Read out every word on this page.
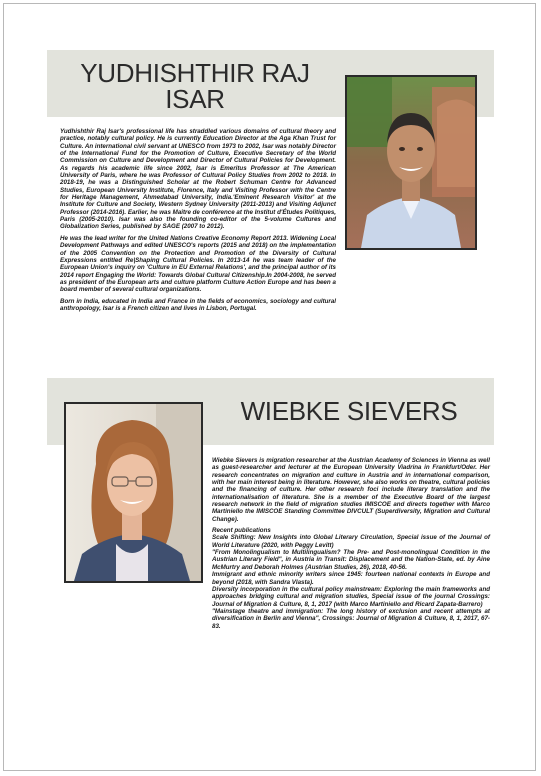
YUDHISHTHIR RAJ ISAR

Yudhishthir Raj Isar's professional life has straddled various domains of cultural theory and practice, notably cultural policy. He is currently Education Director at the Aga Khan Trust for Culture. An international civil servant at UNESCO from 1973 to 2002, Isar was notably Director of the International Fund for the Promotion of Culture, Executive Secretary of the World Commission on Culture and Development and Director of Cultural Policies for Development. As regards his academic life since 2002, Isar is Emeritus Professor at The American University of Paris, where he was Professor of Cultural Policy Studies from 2002 to 2018. In 2018-19, he was a Distinguished Scholar at the Robert Schuman Centre for Advanced Studies, European University Institute, Florence, Italy and Visiting Professor with the Centre for Heritage Management, Ahmedabad University, India.'Eminent Research Visitor' at the Institute for Culture and Society, Western Sydney University (2011-2013) and Visiting Adjunct Professor (2014-2016). Earlier, he was Maître de conférence at the Institut d'Études Politiques, Paris (2005-2010). Isar was also the founding co-editor of the 5-volume Cultures and Globalization Series, published by SAGE (2007 to 2012).

He was the lead writer for the United Nations Creative Economy Report 2013. Widening Local Development Pathways and edited UNESCO's reports (2015 and 2018) on the implementation of the 2005 Convention on the Protection and Promotion of the Diversity of Cultural Expressions entitled Re|Shaping Cultural Policies. In 2013-14 he was team leader of the European Union's inquiry on 'Culture in EU External Relations', and the principal author of its 2014 report Engaging the World: Towards Global Cultural Citizenship.In 2004-2008, he served as president of the European arts and culture platform Culture Action Europe and has been a board member of several cultural organizations.

Born in India, educated in India and France in the fields of economics, sociology and cultural anthropology, Isar is a French citizen and lives in Lisbon, Portugal.

WIEBKE SIEVERS

Wiebke Sievers is migration researcher at the Austrian Academy of Sciences in Vienna as well as guest-researcher and lecturer at the European University Viadrina in Frankfurt/Oder. Her research concentrates on migration and culture in Austria and in international comparison, with her main interest being in literature. However, she also works on theatre, cultural policies and the financing of culture. Her other research foci include literary translation and the internationalisation of literature. She is a member of the Executive Board of the largest research network in the field of migration studies IMISCOE and directs together with Marco Martiniello the IMISCOE Standing Committee DIVCULT (Superdiversity, Migration and Cultural Change).

Recent publications
Scale Shifting: New Insights into Global Literary Circulation, Special issue of the Journal of World Literature (2020, with Peggy Levitt)
"From Monolingualism to Multilingualism? The Pre- and Post-monolingual Condition in the Austrian Literary Field", in Austria in Transit: Displacement and the Nation-State, ed. by Aine McMurtry and Deborah Holmes (Austrian Studies, 26), 2018, 40-56.
Immigrant and ethnic minority writers since 1945: fourteen national contexts in Europe and beyond (2018, with Sandra Vlasta).
Diversity incorporation in the cultural policy mainstream: Exploring the main frameworks and approaches bridging cultural and migration studies, Special issue of the journal Crossings: Journal of Migration & Culture, 8, 1, 2017 (with Marco Martiniello and Ricard Zapata-Barrero)
"Mainstage theatre and immigration: The long history of exclusion and recent attempts at diversification in Berlin and Vienna", Crossings: Journal of Migration & Culture, 8, 1, 2017, 67-83.
